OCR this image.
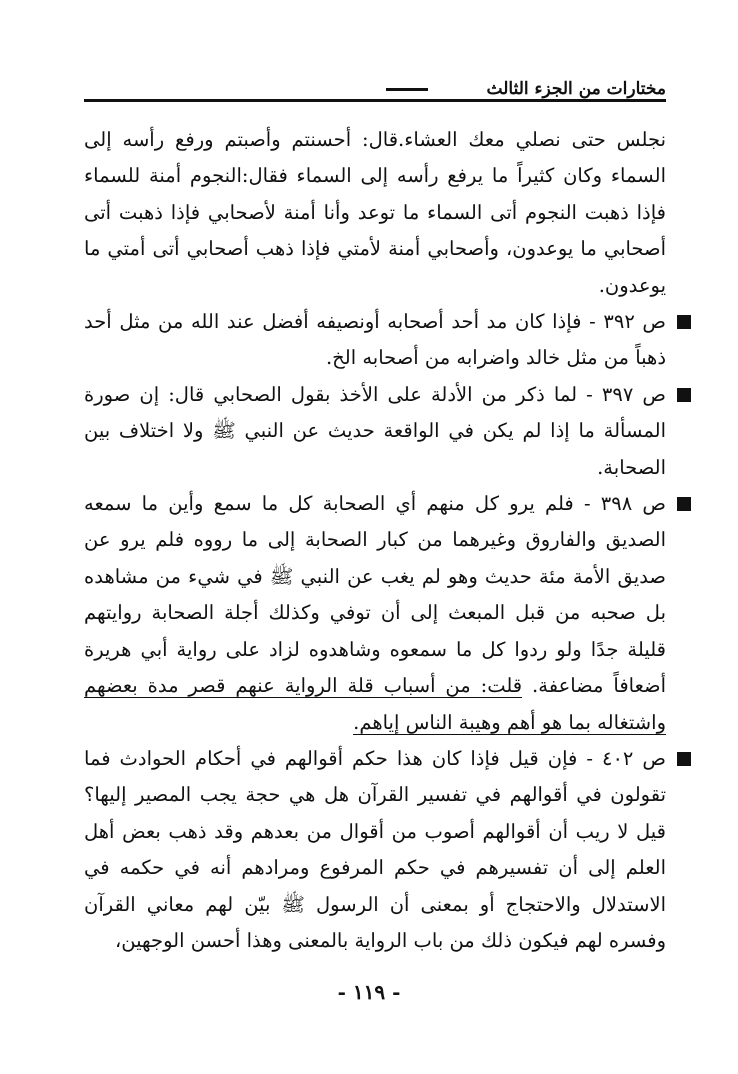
مختارات من الجزء الثالث

نجلس حتى نصلي معك العشاء.قال: أحسنتم وأصبتم ورفع رأسه إلى السماء وكان كثيراً ما يرفع رأسه إلى السماء فقال:النجوم أمنة للسماء فإذا ذهبت النجوم أتى السماء ما توعد وأنا أمنة لأصحابي فإذا ذهبت أتى أصحابي ما يوعدون، وأصحابي أمنة لأمتي فإذا ذهب أصحابي أتى أمتي ما يوعدون.

ص ٣٩٢ - فإذا كان مد أحد أصحابه أونصيفه أفضل عند الله من مثل أحد ذهباً من مثل خالد واضرابه من أصحابه الخ.
ص ٣٩٧ - لما ذكر من الأدلة على الأخذ بقول الصحابي قال: إن صورة المسألة ما إذا لم يكن في الواقعة حديث عن النبي ﷺ ولا اختلاف بين الصحابة.
ص ٣٩٨ - فلم يرو كل منهم أي الصحابة كل ما سمع وأين ما سمعه الصديق والفاروق وغيرهما من كبار الصحابة إلى ما رووه فلم يرو عن صديق الأمة مئة حديث وهو لم يغب عن النبي ﷺ في شيء من مشاهده بل صحبه من قبل المبعث إلى أن توفي وكذلك أجلة الصحابة روايتهم قليلة جدًا ولو ردوا كل ما سمعوه وشاهدوه لزاد على رواية أبي هريرة أضعافاً مضاعفة. قلت: من أسباب قلة الرواية عنهم قصر مدة بعضهم واشتغاله بما هو أهم وهيبة الناس إياهم.
ص ٤٠٢ - فإن قيل فإذا كان هذا حكم أقوالهم في أحكام الحوادث فما تقولون في أقوالهم في تفسير القرآن هل هي حجة يجب المصير إليها؟ قيل لا ريب أن أقوالهم أصوب من أقوال من بعدهم وقد ذهب بعض أهل العلم إلى أن تفسيرهم في حكم المرفوع ومرادهم أنه في حكمه في الاستدلال والاحتجاج أو بمعنى أن الرسول ﷺ بيّن لهم معاني القرآن وفسره لهم فيكون ذلك من باب الرواية بالمعنى وهذا أحسن الوجهين،
- ١١٩ -
